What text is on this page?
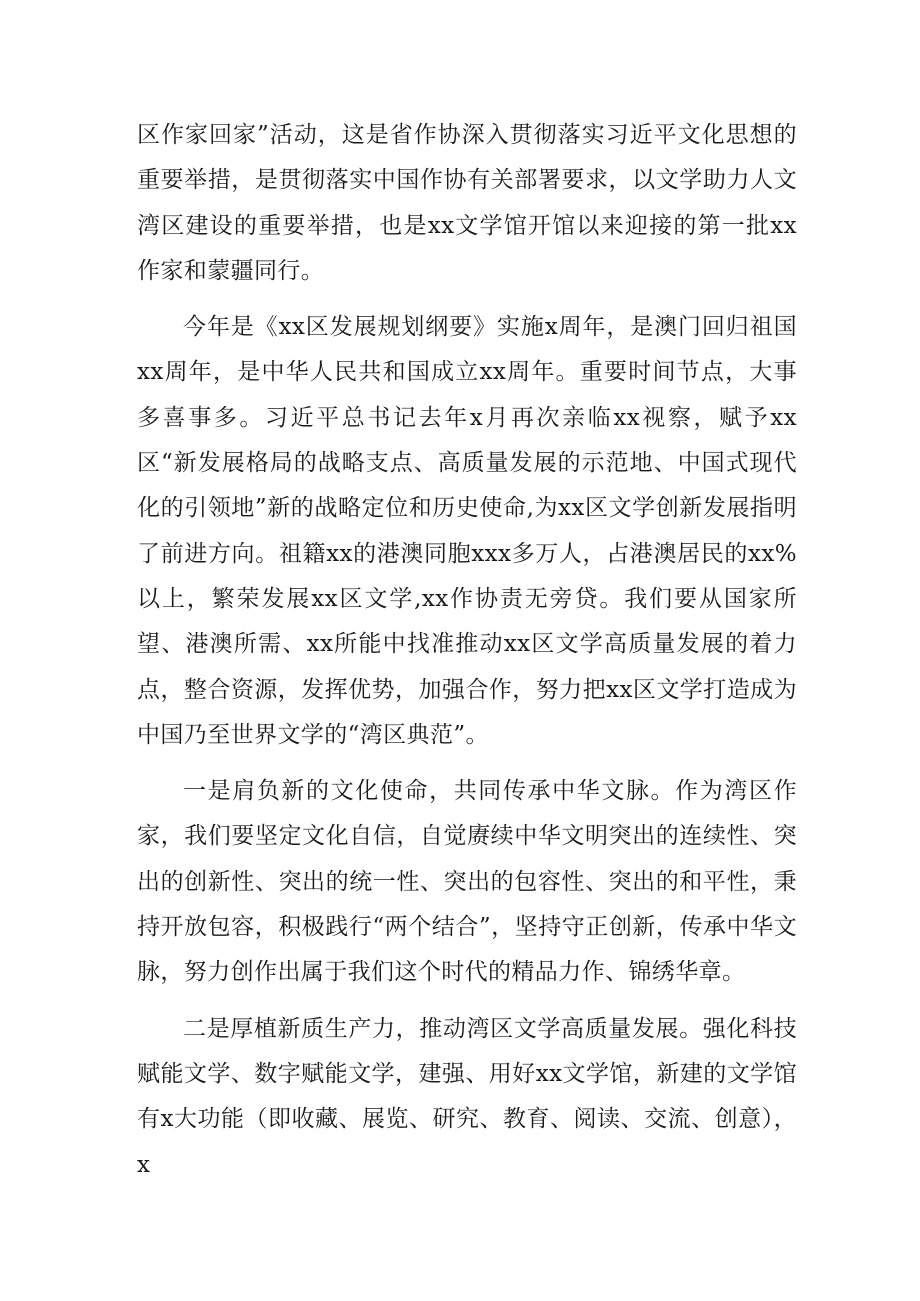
区作家回家”活动，这是省作协深入贯彻落实习近平文化思想的重要举措，是贯彻落实中国作协有关部署要求，以文学助力人文湾区建设的重要举措，也是xx文学馆开馆以来迎接的第一批xx作家和蒙疆同行。

今年是《xx区发展规划纲要》实施x周年，是澳门回归祖国xx周年，是中华人民共和国成立xx周年。重要时间节点，大事多喜事多。习近平总书记去年x月再次亲临xx视察，赋予xx区“新发展格局的战略支点、高质量发展的示范地、中国式现代化的引领地”新的战略定位和历史使命,为xx区文学创新发展指明了前进方向。祖籍xx的港澳同胞xxx多万人，占港澳居民的xx%以上，繁荣发展xx区文学,xx作协责无旁贷。我们要从国家所望、港澳所需、xx所能中找准推动xx区文学高质量发展的着力点，整合资源，发挥优势，加强合作，努力把xx区文学打造成为中国乃至世界文学的“湾区典范”。

一是肩负新的文化使命，共同传承中华文脉。作为湾区作家，我们要坚定文化自信，自觉赓续中华文明突出的连续性、突出的创新性、突出的统一性、突出的包容性、突出的和平性，秉持开放包容，积极践行“两个结合”，坚持守正创新，传承中华文脉，努力创作出属于我们这个时代的精品力作、锦绣华章。

二是厚植新质生产力，推动湾区文学高质量发展。强化科技赋能文学、数字赋能文学，建强、用好xx文学馆，新建的文学馆有x大功能（即收藏、展览、研究、教育、阅读、交流、创意），x
